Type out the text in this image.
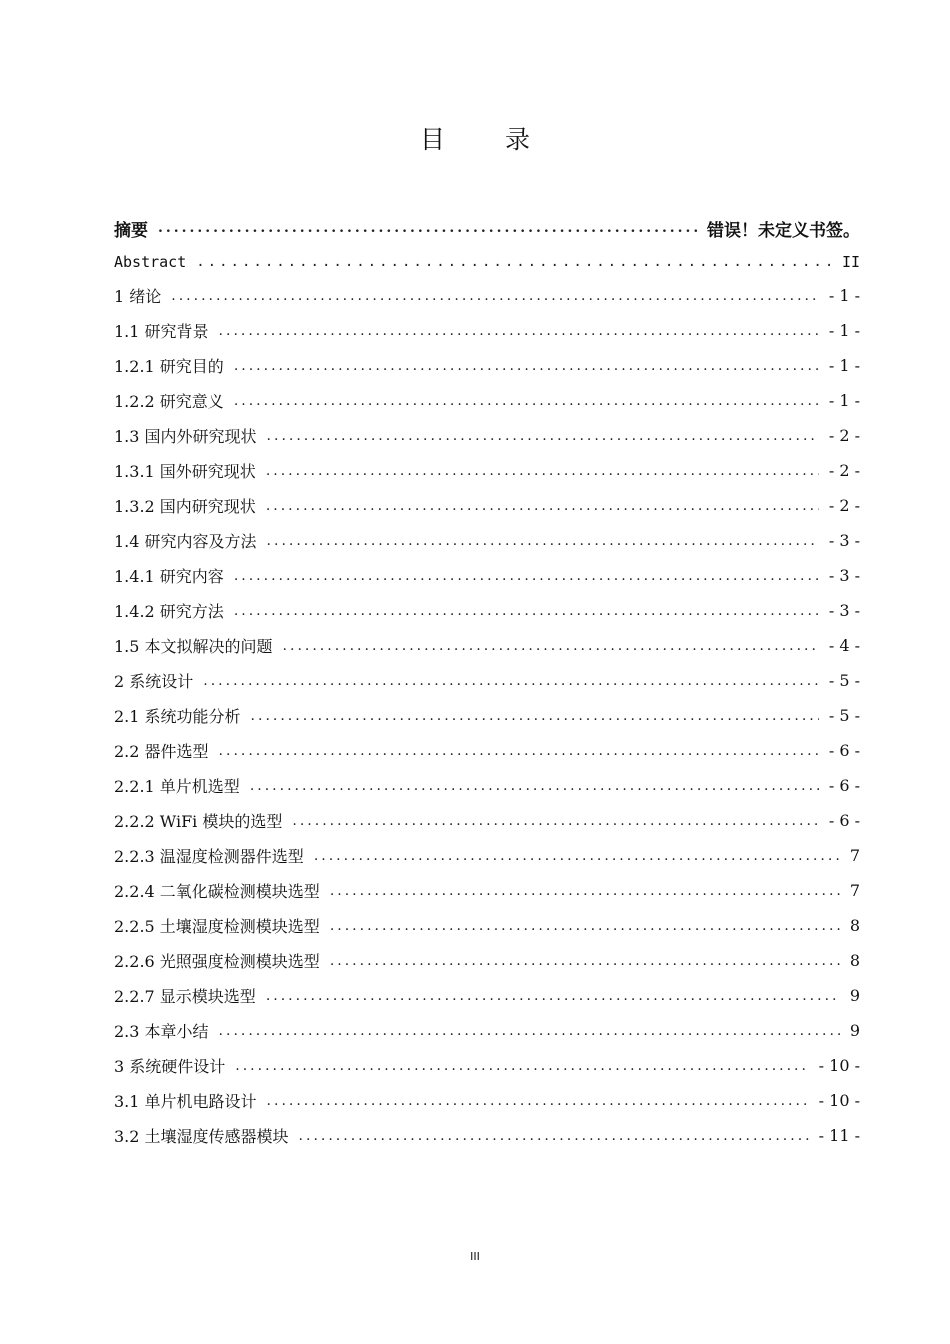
目 录
摘要 .....	错误！未定义书签。
Abstract .....	II
1 绪论 .....	- 1 -
1.1 研究背景 .....	- 1 -
1.2.1 研究目的 .....	- 1 -
1.2.2 研究意义 .....	- 1 -
1.3 国内外研究现状 .....	- 2 -
1.3.1 国外研究现状 .....	- 2 -
1.3.2 国内研究现状 .....	- 2 -
1.4 研究内容及方法 .....	- 3 -
1.4.1 研究内容 .....	- 3 -
1.4.2 研究方法 .....	- 3 -
1.5 本文拟解决的问题 .....	- 4 -
2 系统设计 .....	- 5 -
2.1 系统功能分析 .....	- 5 -
2.2 器件选型 .....	- 6 -
2.2.1 单片机选型 .....	- 6 -
2.2.2 WiFi 模块的选型 .....	- 6 -
2.2.3 温湿度检测器件选型 .....	7
2.2.4 二氧化碳检测模块选型 .....	7
2.2.5 土壤湿度检测模块选型 .....	8
2.2.6 光照强度检测模块选型 .....	8
2.2.7 显示模块选型 .....	9
2.3 本章小结 .....	9
3 系统硬件设计 .....	- 10 -
3.1 单片机电路设计 .....	- 10 -
3.2 土壤湿度传感器模块 .....	- 11 -
III
